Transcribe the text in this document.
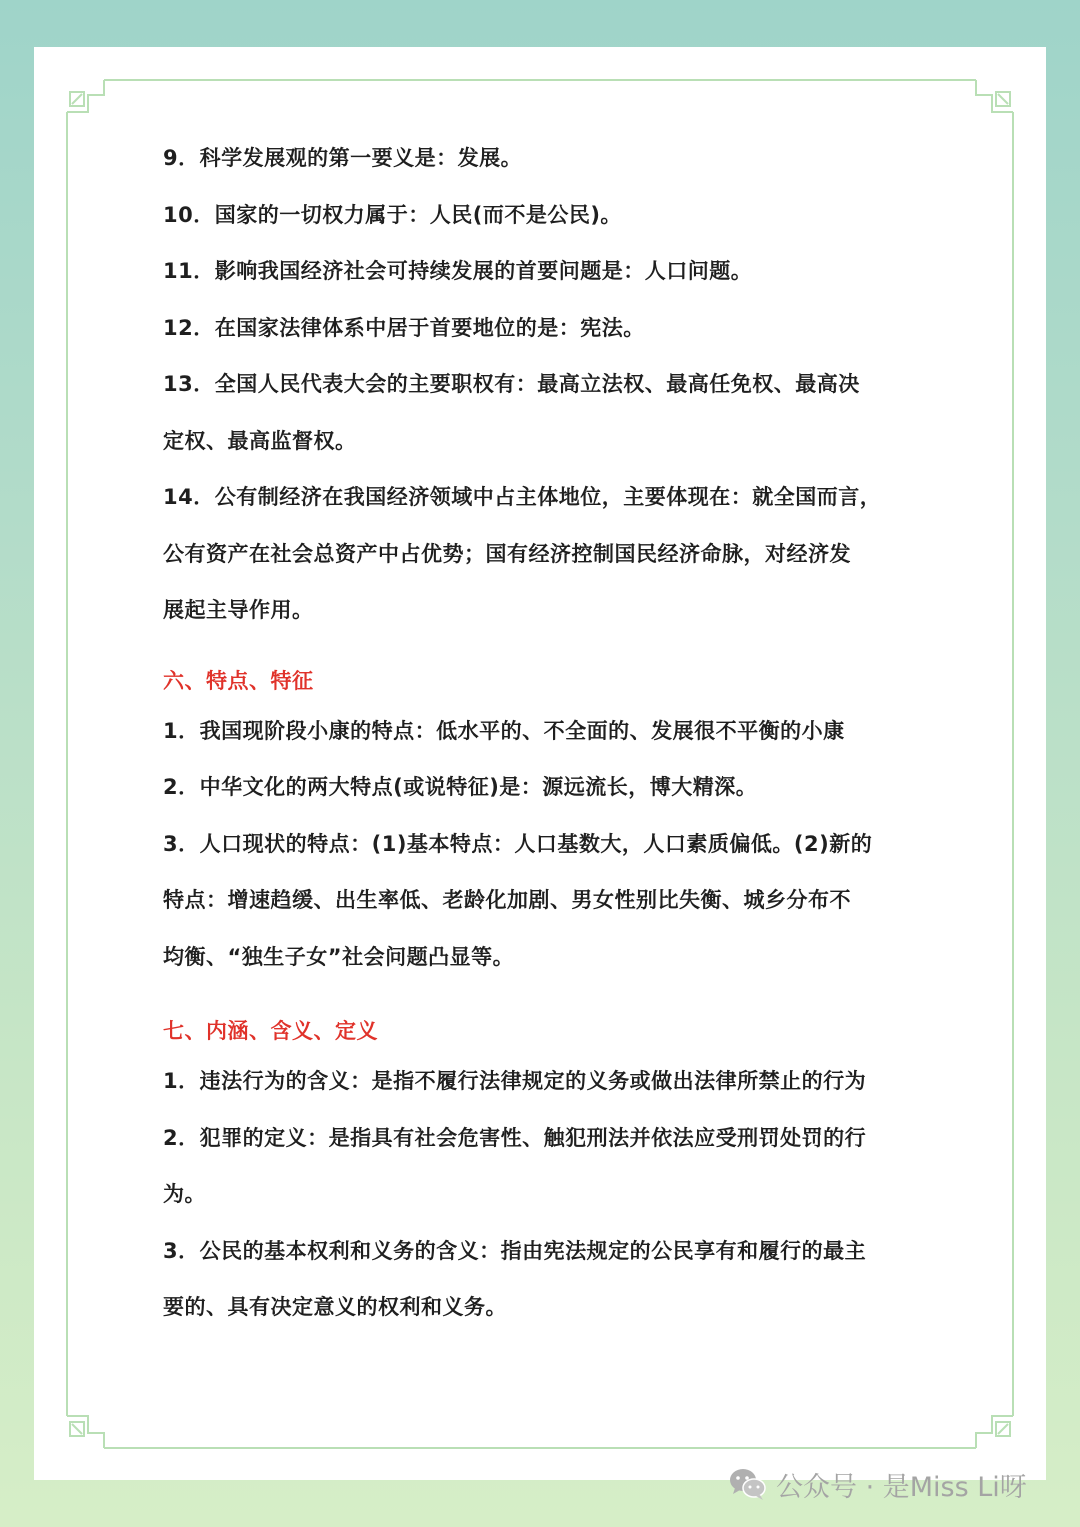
9．科学发展观的第一要义是：发展。

10．国家的一切权力属于：人民(而不是公民)。

11．影响我国经济社会可持续发展的首要问题是：人口问题。

12．在国家法律体系中居于首要地位的是：宪法。

13．全国人民代表大会的主要职权有：最高立法权、最高任免权、最高决

定权、最高监督权。

14．公有制经济在我国经济领域中占主体地位，主要体现在：就全国而言，

公有资产在社会总资产中占优势；国有经济控制国民经济命脉，对经济发

展起主导作用。

六、特点、特征

1．我国现阶段小康的特点：低水平的、不全面的、发展很不平衡的小康

2．中华文化的两大特点(或说特征)是：源远流长，博大精深。

3．人口现状的特点：(1)基本特点：人口基数大，人口素质偏低。(2)新的

特点：增速趋缓、出生率低、老龄化加剧、男女性别比失衡、城乡分布不

均衡、“独生子女”社会问题凸显等。

七、内涵、含义、定义

1．违法行为的含义：是指不履行法律规定的义务或做出法律所禁止的行为

2．犯罪的定义：是指具有社会危害性、触犯刑法并依法应受刑罚处罚的行

为。

3．公民的基本权利和义务的含义：指由宪法规定的公民享有和履行的最主

要的、具有决定意义的权利和义务。

公众号 · 是Miss Li呀
